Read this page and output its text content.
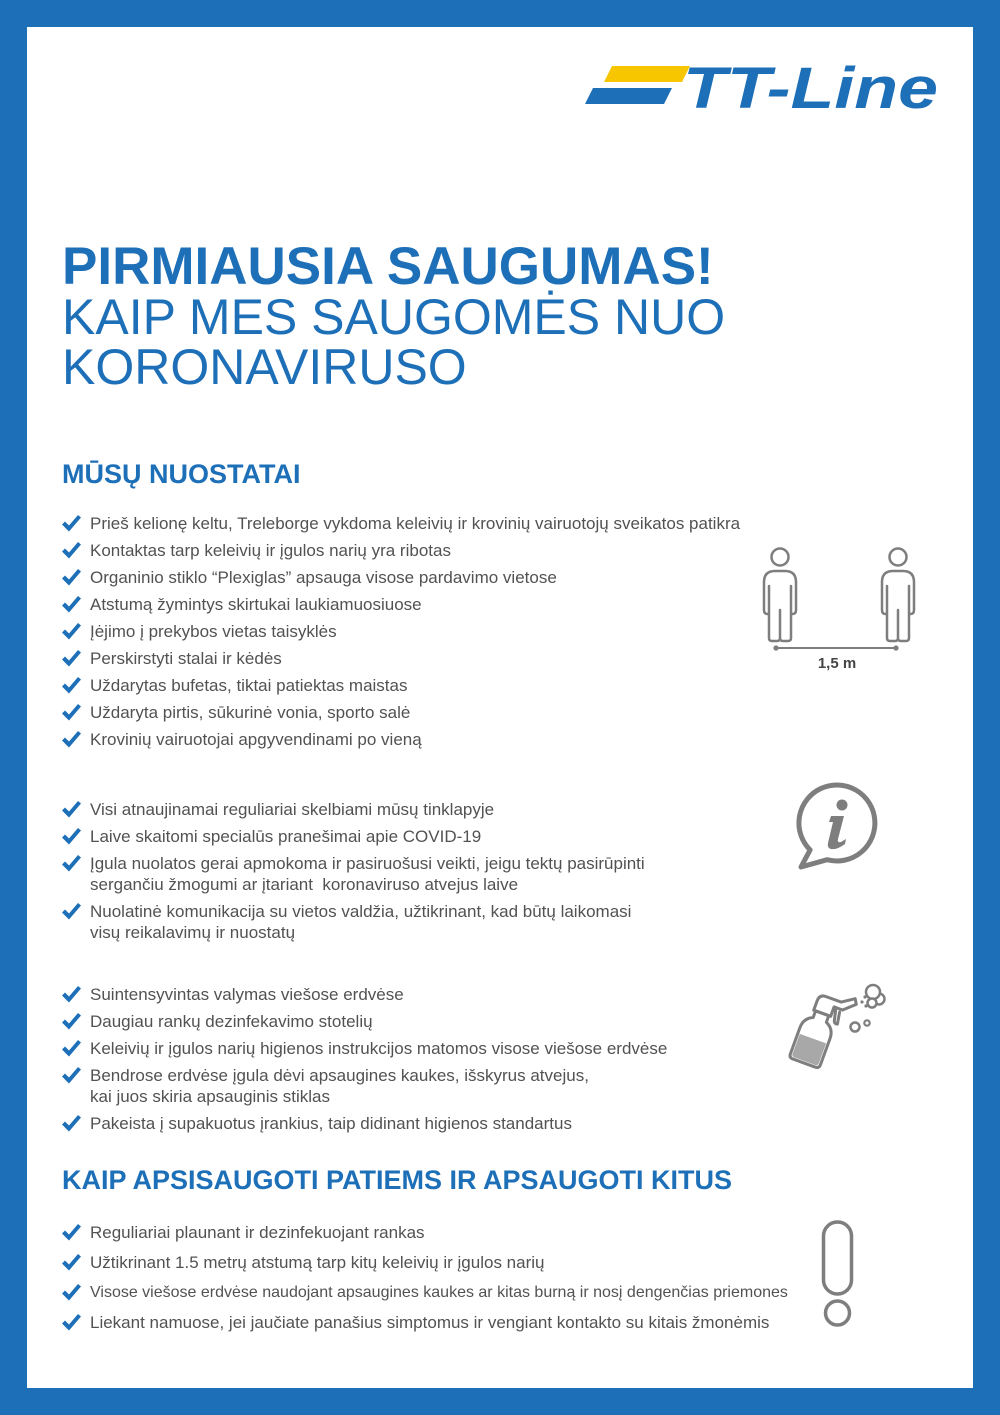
TT-Line
PIRMIAUSIA SAUGUMAS!
KAIP MES SAUGOMĖS NUO
KORONAVIRUSO
MŪSŲ NUOSTATAI
Prieš kelionę keltu, Treleborge vykdoma keleivių ir krovinių vairuotojų sveikatos patikra
Kontaktas tarp keleivių ir įgulos narių yra ribotas
Organinio stiklo “Plexiglas” apsauga visose pardavimo vietose
Atstumą žymintys skirtukai laukiamuosiuose
Įėjimo į prekybos vietas taisyklės
Perskirstyti stalai ir kėdės
Uždarytas bufetas, tiktai patiektas maistas
Uždaryta pirtis, sūkurinė vonia, sporto salė
Krovinių vairuotojai apgyvendinami po vieną
1,5 m
Visi atnaujinamai reguliariai skelbiami mūsų tinklapyje
Laive skaitomi specialūs pranešimai apie COVID-19
Įgula nuolatos gerai apmokoma ir pasiruošusi veikti, jeigu tektų pasirūpinti
sergančiu žmogumi ar įtariant  koronaviruso atvejus laive
Nuolatinė komunikacija su vietos valdžia, užtikrinant, kad būtų laikomasi
visų reikalavimų ir nuostatų
Suintensyvintas valymas viešose erdvėse
Daugiau rankų dezinfekavimo stotelių
Keleivių ir įgulos narių higienos instrukcijos matomos visose viešose erdvėse
Bendrose erdvėse įgula dėvi apsaugines kaukes, išskyrus atvejus,
kai juos skiria apsauginis stiklas
Pakeista į supakuotus įrankius, taip didinant higienos standartus
KAIP APSISAUGOTI PATIEMS IR APSAUGOTI KITUS
Reguliariai plaunant ir dezinfekuojant rankas
Užtikrinant 1.5 metrų atstumą tarp kitų keleivių ir įgulos narių
Visose viešose erdvėse naudojant apsaugines kaukes ar kitas burną ir nosį dengenčias priemones
Liekant namuose, jei jaučiate panašius simptomus ir vengiant kontakto su kitais žmonėmis
